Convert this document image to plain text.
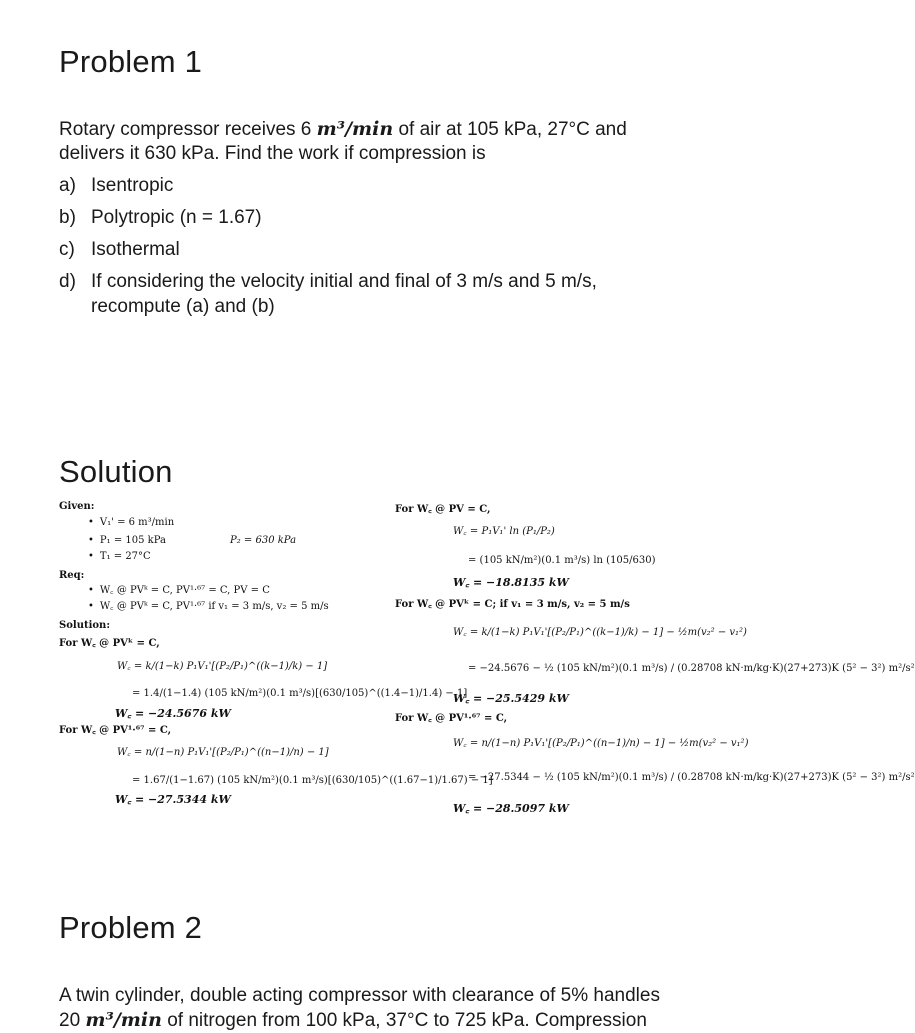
Problem 1
Rotary compressor receives 6 m³/min of air at 105 kPa, 27°C and
delivers it 630 kPa. Find the work if compression is
a) Isentropic
b) Polytropic (n = 1.67)
c) Isothermal
d) If considering the velocity initial and final of 3 m/s and 5 m/s,
recompute (a) and (b)
Solution
Given:
• V₁' = 6 m³/min
• P₁ = 105 kPa	P₂ = 630 kPa
• T₁ = 27°C
Req:
• W꜀ @ PVᵏ = C, PV¹·⁶⁷ = C, PV = C
• W꜀ @ PVᵏ = C, PV¹·⁶⁷ if v₁ = 3 m/s, v₂ = 5 m/s
Solution:
For W꜀ @ PVᵏ = C,
W꜀ = k/(1−k) P₁V₁'[(P₂/P₁)^((k−1)/k) − 1]
= 1.4/(1−1.4) (105 kN/m²)(0.1 m³/s)[(630/105)^((1.4−1)/1.4) − 1]
W꜀ = −24.5676 kW
For W꜀ @ PV¹·⁶⁷ = C,
W꜀ = n/(1−n) P₁V₁'[(P₂/P₁)^((n−1)/n) − 1]
= 1.67/(1−1.67) (105 kN/m²)(0.1 m³/s)[(630/105)^((1.67−1)/1.67) − 1]
W꜀ = −27.5344 kW
For W꜀ @ PV = C,
W꜀ = P₁V₁' ln (P₁/P₂)
= (105 kN/m²)(0.1 m³/s) ln (105/630)
W꜀ = −18.8135 kW
For W꜀ @ PVᵏ = C; if v₁ = 3 m/s, v₂ = 5 m/s
W꜀ = k/(1−k) P₁V₁'[(P₂/P₁)^((k−1)/k) − 1] − ½m(v₂² − v₁²)
= −24.5676 − ½ (105 kN/m²)(0.1 m³/s) / (0.28708 kN·m/kg·K)(27+273)K (5² − 3²) m²/s²
W꜀ = −25.5429 kW
For W꜀ @ PV¹·⁶⁷ = C,
W꜀ = n/(1−n) P₁V₁'[(P₂/P₁)^((n−1)/n) − 1] − ½m(v₂² − v₁²)
= −27.5344 − ½ (105 kN/m²)(0.1 m³/s) / (0.28708 kN·m/kg·K)(27+273)K (5² − 3²) m²/s²
W꜀ = −28.5097 kW
Problem 2
A twin cylinder, double acting compressor with clearance of 5% handles
20 m³/min of nitrogen from 100 kPa, 37°C to 725 kPa. Compression
